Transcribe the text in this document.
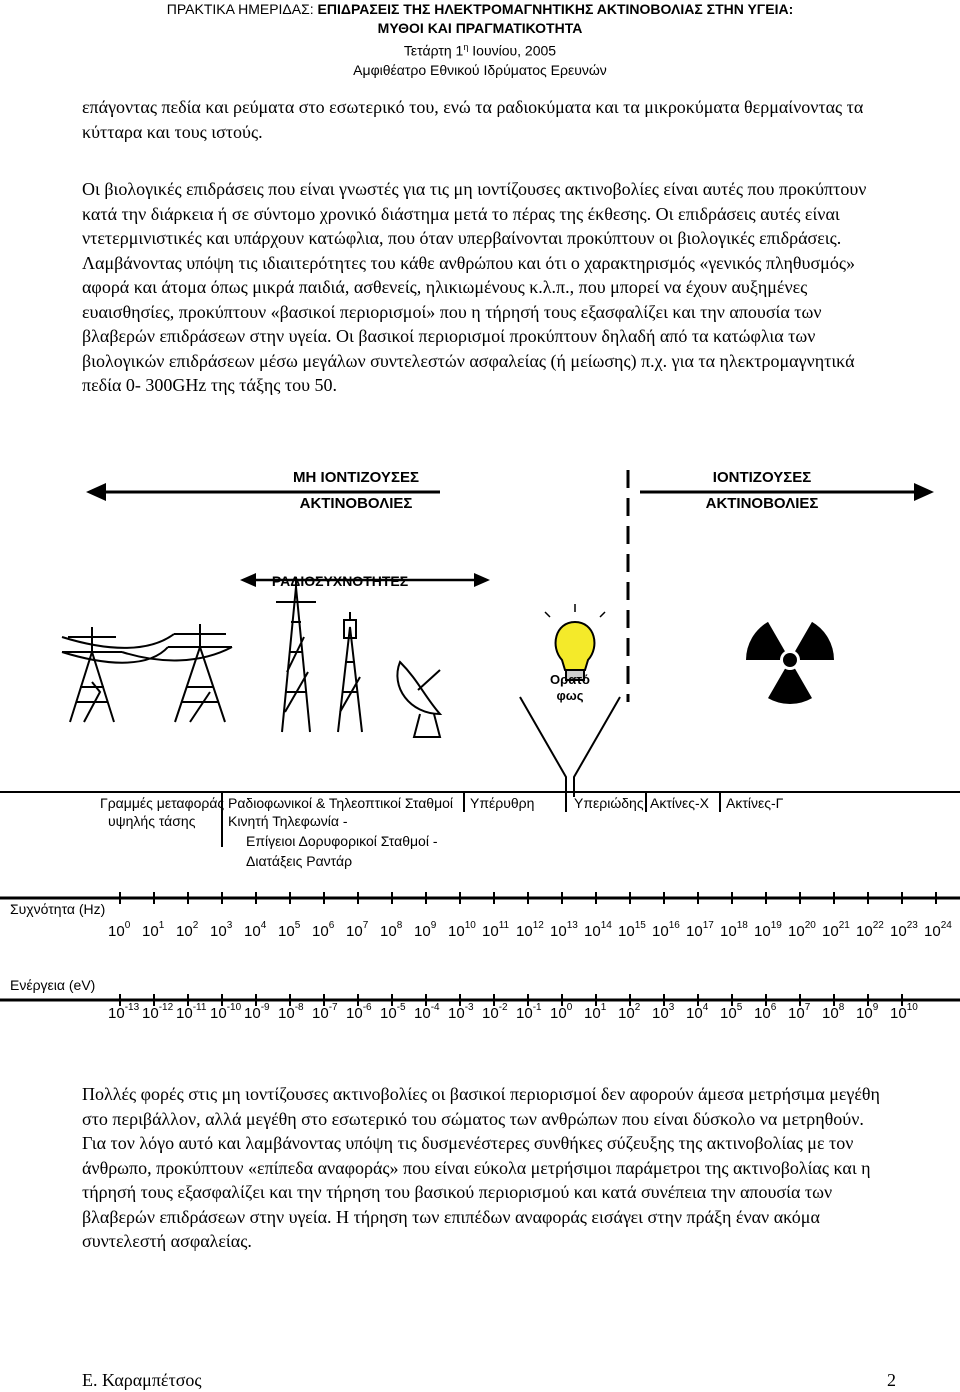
ΠΡΑΚΤΙΚΑ ΗΜΕΡΙΔΑΣ: ΕΠΙΔΡΑΣΕΙΣ ΤΗΣ ΗΛΕΚΤΡΟΜΑΓΝΗΤΙΚΗΣ ΑΚΤΙΝΟΒΟΛΙΑΣ ΣΤΗΝ ΥΓΕΙΑ:
ΜΥΘΟΙ ΚΑΙ ΠΡΑΓΜΑΤΙΚΟΤΗΤΑ
Τετάρτη $1^\eta$ Ιουνίου, 2005
Αμφιθέατρο Εθνικού Ιδρύματος Ερευνών
επάγοντας πεδία και ρεύματα στο εσωτερικό του, ενώ τα ραδιοκύματα και τα μικροκύματα θερμαίνοντας τα κύτταρα και τους ιστούς.
Οι βιολογικές επιδράσεις που είναι γνωστές για τις μη ιοντίζουσες ακτινοβολίες είναι αυτές που προκύπτουν κατά την διάρκεια ή σε σύντομο χρονικό διάστημα μετά το πέρας της έκθεσης. Οι επιδράσεις αυτές είναι ντετερμινιστικές και υπάρχουν κατώφλια, που όταν υπερβαίνονται προκύπτουν οι βιολογικές επιδράσεις. Λαμβάνοντας υπόψη τις ιδιαιτερότητες του κάθε ανθρώπου και ότι ο χαρακτηρισμός «γενικός πληθυσμός» αφορά και άτομα όπως μικρά παιδιά, ασθενείς, ηλικιωμένους κ.λ.π., που μπορεί να έχουν αυξημένες ευαισθησίες, προκύπτουν «βασικοί περιορισμοί» που η τήρησή τους εξασφαλίζει και την απουσία των βλαβερών επιδράσεων στην υγεία. Οι βασικοί περιορισμοί προκύπτουν δηλαδή από τα κατώφλια των βιολογικών επιδράσεων μέσω μεγάλων συντελεστών ασφαλείας (ή μείωσης) π.χ. για τα ηλεκτρομαγνητικά πεδία 0- 300GHz της τάξης του 50.
ΜΗ ΙΟΝΤΙΖΟΥΣΕΣ
ΑΚΤΙΝΟΒΟΛΙΕΣ
ΙΟΝΤΙΖΟΥΣΕΣ
ΑΚΤΙΝΟΒΟΛΙΕΣ
ΡΑΔΙΟΣΥΧΝΟΤΗΤΕΣ
Ορατό
φως
Γραμμές μεταφοράς
υψηλής τάσης
Ραδιοφωνικοί & Τηλεοπτικοί Σταθμοί
Κινητή Τηλεφωνία -
Επίγειοι Δορυφορικοί Σταθμοί -
Διατάξεις Ραντάρ
Υπέρυθρη	Υπεριώδης Ακτίνες-Χ Ακτίνες-Γ
Συχνότητα (Hz)
$10^0$ $10^1$ $10^2$ $10^3$ $10^4$ $10^5$ $10^6$ $10^7$ $10^8$ $10^9$ $10^{10}$ $10^{11}$ $10^{12}$ $10^{13}$ $10^{14}$ $10^{15}$ $10^{16}$ $10^{17}$ $10^{18}$ $10^{19}$ $10^{20}$ $10^{21}$ $10^{22}$ $10^{23}$ $10^{24}$
Ενέργεια (eV)
$10^{-13}$ $10^{-12}$ $10^{-11}$ $10^{-10}$ $10^{-9}$ $10^{-8}$ $10^{-7}$ $10^{-6}$ $10^{-5}$ $10^{-4}$ $10^{-3}$ $10^{-2}$ $10^{-1}$ $10^0$ $10^1$ $10^2$ $10^3$ $10^4$ $10^5$ $10^6$ $10^7$ $10^8$ $10^9$ $10^{10}$
Πολλές φορές στις μη ιοντίζουσες ακτινοβολίες οι βασικοί περιορισμοί δεν αφορούν άμεσα μετρήσιμα μεγέθη στο περιβάλλον, αλλά μεγέθη στο εσωτερικό του σώματος των ανθρώπων που είναι δύσκολο να μετρηθούν. Για τον λόγο αυτό και λαμβάνοντας υπόψη τις δυσμενέστερες συνθήκες σύζευξης της ακτινοβολίας με τον άνθρωπο, προκύπτουν «επίπεδα αναφοράς» που είναι εύκολα μετρήσιμοι παράμετροι της ακτινοβολίας και η τήρησή τους εξασφαλίζει και την τήρηση του βασικού περιορισμού και κατά συνέπεια την απουσία των βλαβερών επιδράσεων στην υγεία. Η τήρηση των επιπέδων αναφοράς εισάγει στην πράξη έναν ακόμα συντελεστή ασφαλείας.
Ε. Καραμπέτσος	2
